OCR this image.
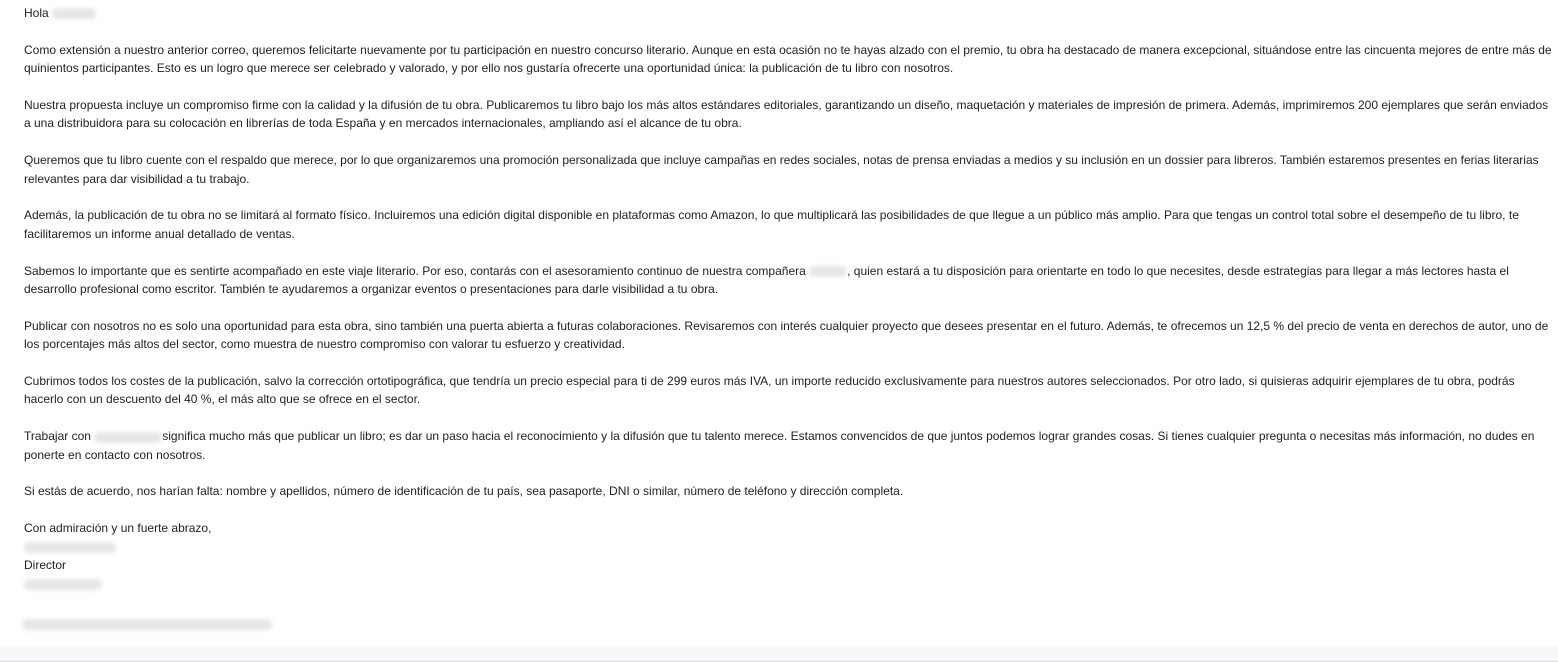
Hola

Como extensión a nuestro anterior correo, queremos felicitarte nuevamente por tu participación en nuestro concurso literario. Aunque en esta ocasión no te hayas alzado con el premio, tu obra ha destacado de manera excepcional, situándose entre las cincuenta mejores de entre más de quinientos participantes. Esto es un logro que merece ser celebrado y valorado, y por ello nos gustaría ofrecerte una oportunidad única: la publicación de tu libro con nosotros.

Nuestra propuesta incluye un compromiso firme con la calidad y la difusión de tu obra. Publicaremos tu libro bajo los más altos estándares editoriales, garantizando un diseño, maquetación y materiales de impresión de primera. Además, imprimiremos 200 ejemplares que serán enviados a una distribuidora para su colocación en librerías de toda España y en mercados internacionales, ampliando así el alcance de tu obra.

Queremos que tu libro cuente con el respaldo que merece, por lo que organizaremos una promoción personalizada que incluye campañas en redes sociales, notas de prensa enviadas a medios y su inclusión en un dossier para libreros. También estaremos presentes en ferias literarias relevantes para dar visibilidad a tu trabajo.

Además, la publicación de tu obra no se limitará al formato físico. Incluiremos una edición digital disponible en plataformas como Amazon, lo que multiplicará las posibilidades de que llegue a un público más amplio. Para que tengas un control total sobre el desempeño de tu libro, te facilitaremos un informe anual detallado de ventas.

Sabemos lo importante que es sentirte acompañado en este viaje literario. Por eso, contarás con el asesoramiento continuo de nuestra compañera	, quien estará a tu disposición para orientarte en todo lo que necesites, desde estrategias para llegar a más lectores hasta el desarrollo profesional como escritor. También te ayudaremos a organizar eventos o presentaciones para darle visibilidad a tu obra.

Publicar con nosotros no es solo una oportunidad para esta obra, sino también una puerta abierta a futuras colaboraciones. Revisaremos con interés cualquier proyecto que desees presentar en el futuro. Además, te ofrecemos un 12,5 % del precio de venta en derechos de autor, uno de los porcentajes más altos del sector, como muestra de nuestro compromiso con valorar tu esfuerzo y creatividad.

Cubrimos todos los costes de la publicación, salvo la corrección ortotipográfica, que tendría un precio especial para ti de 299 euros más IVA, un importe reducido exclusivamente para nuestros autores seleccionados. Por otro lado, si quisieras adquirir ejemplares de tu obra, podrás hacerlo con un descuento del 40 %, el más alto que se ofrece en el sector.

Trabajar con	significa mucho más que publicar un libro; es dar un paso hacia el reconocimiento y la difusión que tu talento merece. Estamos convencidos de que juntos podemos lograr grandes cosas. Si tienes cualquier pregunta o necesitas más información, no dudes en ponerte en contacto con nosotros.

Si estás de acuerdo, nos harían falta: nombre y apellidos, número de identificación de tu país, sea pasaporte, DNI o similar, número de teléfono y dirección completa.

Con admiración y un fuerte abrazo,
Director
